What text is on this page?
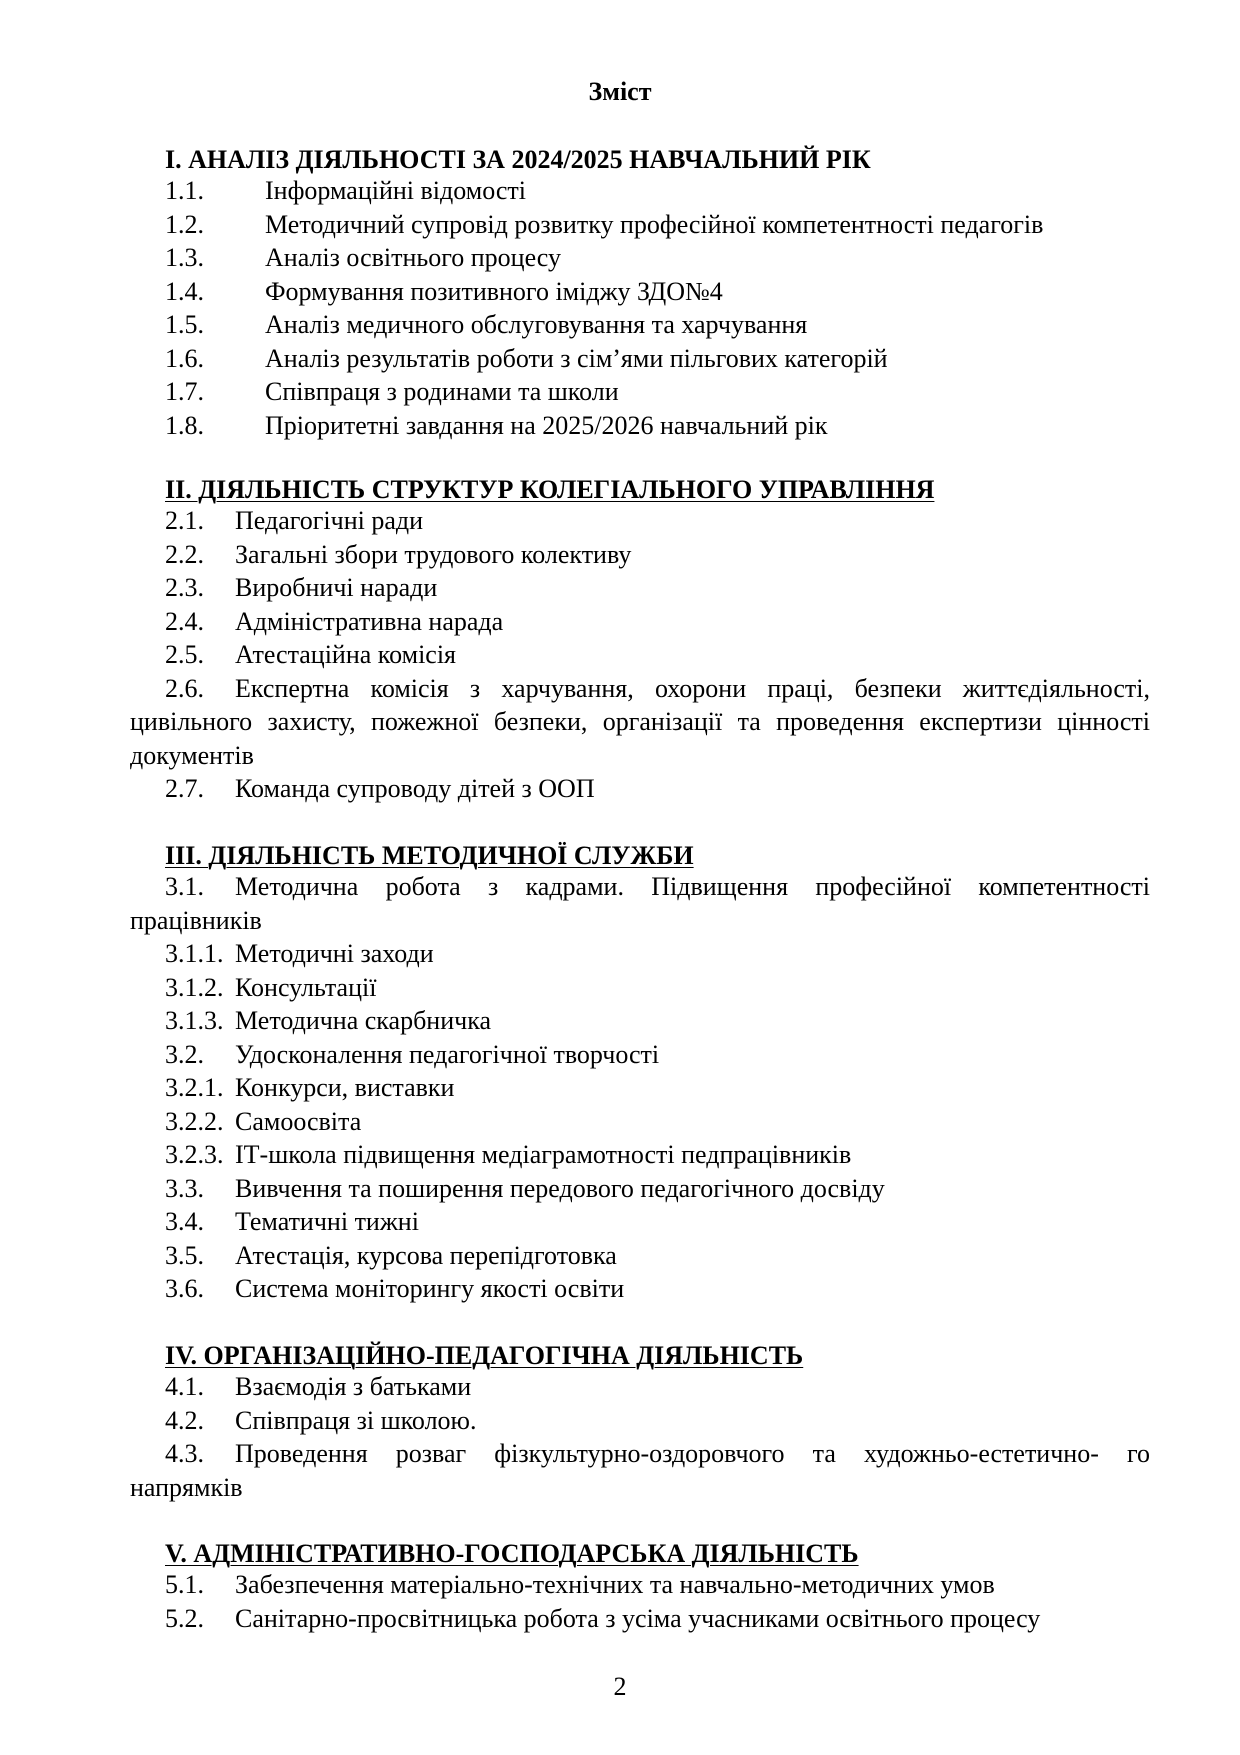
Зміст
I. АНАЛІЗ ДІЯЛЬНОСТІ ЗА 2024/2025 НАВЧАЛЬНИЙ РІК
1.1. Інформаційні відомості
1.2. Методичний супровід розвитку професійної компетентності педагогів
1.3. Аналіз освітнього процесу
1.4. Формування позитивного іміджу ЗДО№4
1.5. Аналіз медичного обслуговування та харчування
1.6. Аналіз результатів роботи з сім’ями пільгових категорій
1.7. Співпраця з родинами та школи
1.8. Пріоритетні завдання на 2025/2026 навчальний рік
II. ДІЯЛЬНІСТЬ СТРУКТУР КОЛЕГІАЛЬНОГО УПРАВЛІННЯ
2.1. Педагогічні ради
2.2. Загальні збори трудового колективу
2.3. Виробничі наради
2.4. Адміністративна нарада
2.5. Атестаційна комісія
2.6. Експертна комісія з харчування, охорони праці, безпеки життєдіяльності, цивільного захисту, пожежної безпеки, організації та проведення експертизи цінності документів
2.7. Команда супроводу дітей з ООП
III. ДІЯЛЬНІСТЬ МЕТОДИЧНОЇ СЛУЖБИ
3.1. Методична робота з кадрами. Підвищення професійної компетентності працівників
3.1.1. Методичні заходи
3.1.2. Консультації
3.1.3. Методична скарбничка
3.2. Удосконалення педагогічної творчості
3.2.1. Конкурси, виставки
3.2.2. Самоосвіта
3.2.3. ІТ-школа підвищення медіаграмотності педпрацівників
3.3. Вивчення та поширення передового педагогічного досвіду
3.4. Тематичні тижні
3.5. Атестація, курсова перепідготовка
3.6. Система моніторингу якості освіти
IV. ОРГАНІЗАЦІЙНО-ПЕДАГОГІЧНА ДІЯЛЬНІСТЬ
4.1. Взаємодія з батьками
4.2. Співпраця зі школою.
4.3. Проведення розваг фізкультурно-оздоровчого та художньо-естетично- го напрямків
V. АДМІНІСТРАТИВНО-ГОСПОДАРСЬКА ДІЯЛЬНІСТЬ
5.1. Забезпечення матеріально-технічних та навчально-методичних умов
5.2. Санітарно-просвітницька робота з усіма учасниками освітнього процесу
2
